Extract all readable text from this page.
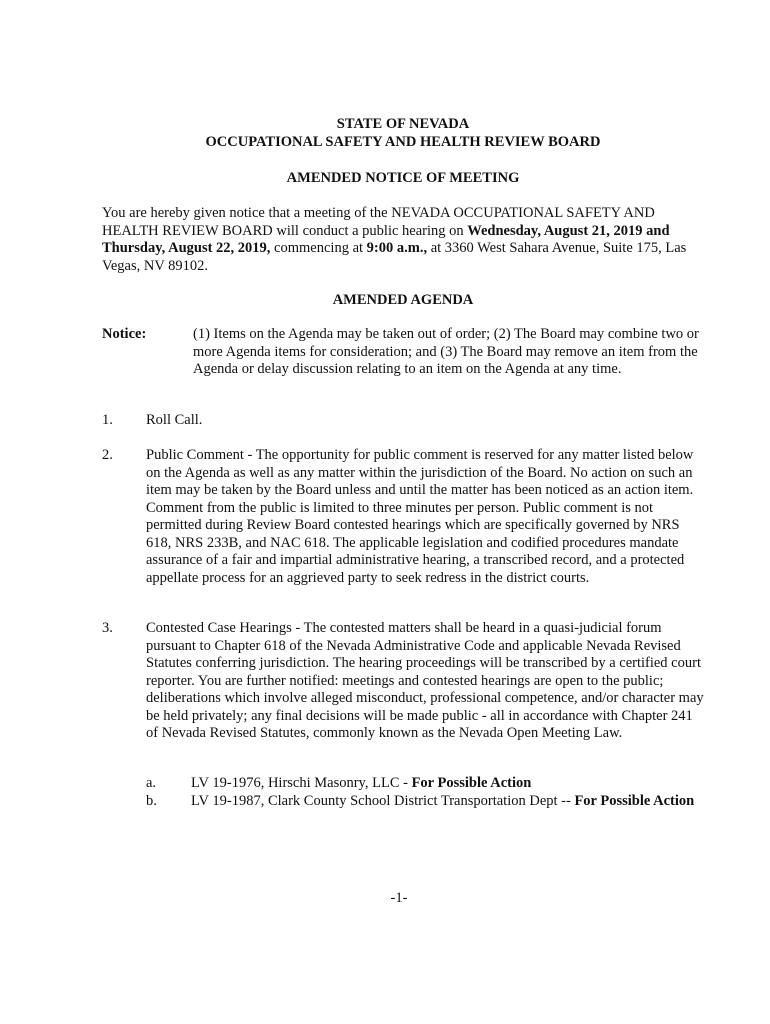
STATE OF NEVADA
OCCUPATIONAL SAFETY AND HEALTH REVIEW BOARD
AMENDED NOTICE OF MEETING
You are hereby given notice that a meeting of the NEVADA OCCUPATIONAL SAFETY AND HEALTH REVIEW BOARD will conduct a public hearing on Wednesday, August 21, 2019 and Thursday, August 22, 2019, commencing at 9:00 a.m., at 3360 West Sahara Avenue, Suite 175, Las Vegas, NV 89102.
AMENDED AGENDA
Notice:	(1) Items on the Agenda may be taken out of order; (2) The Board may combine two or more Agenda items for consideration; and (3) The Board may remove an item from the Agenda or delay discussion relating to an item on the Agenda at any time.
1. Roll Call.
2. Public Comment - The opportunity for public comment is reserved for any matter listed below on the Agenda as well as any matter within the jurisdiction of the Board. No action on such an item may be taken by the Board unless and until the matter has been noticed as an action item. Comment from the public is limited to three minutes per person. Public comment is not permitted during Review Board contested hearings which are specifically governed by NRS 618, NRS 233B, and NAC 618. The applicable legislation and codified procedures mandate assurance of a fair and impartial administrative hearing, a transcribed record, and a protected appellate process for an aggrieved party to seek redress in the district courts.
3. Contested Case Hearings - The contested matters shall be heard in a quasi-judicial forum pursuant to Chapter 618 of the Nevada Administrative Code and applicable Nevada Revised Statutes conferring jurisdiction. The hearing proceedings will be transcribed by a certified court reporter. You are further notified: meetings and contested hearings are open to the public; deliberations which involve alleged misconduct, professional competence, and/or character may be held privately; any final decisions will be made public - all in accordance with Chapter 241 of Nevada Revised Statutes, commonly known as the Nevada Open Meeting Law.
a. LV 19-1976, Hirschi Masonry, LLC - For Possible Action
b. LV 19-1987, Clark County School District Transportation Dept -- For Possible Action
-1-
